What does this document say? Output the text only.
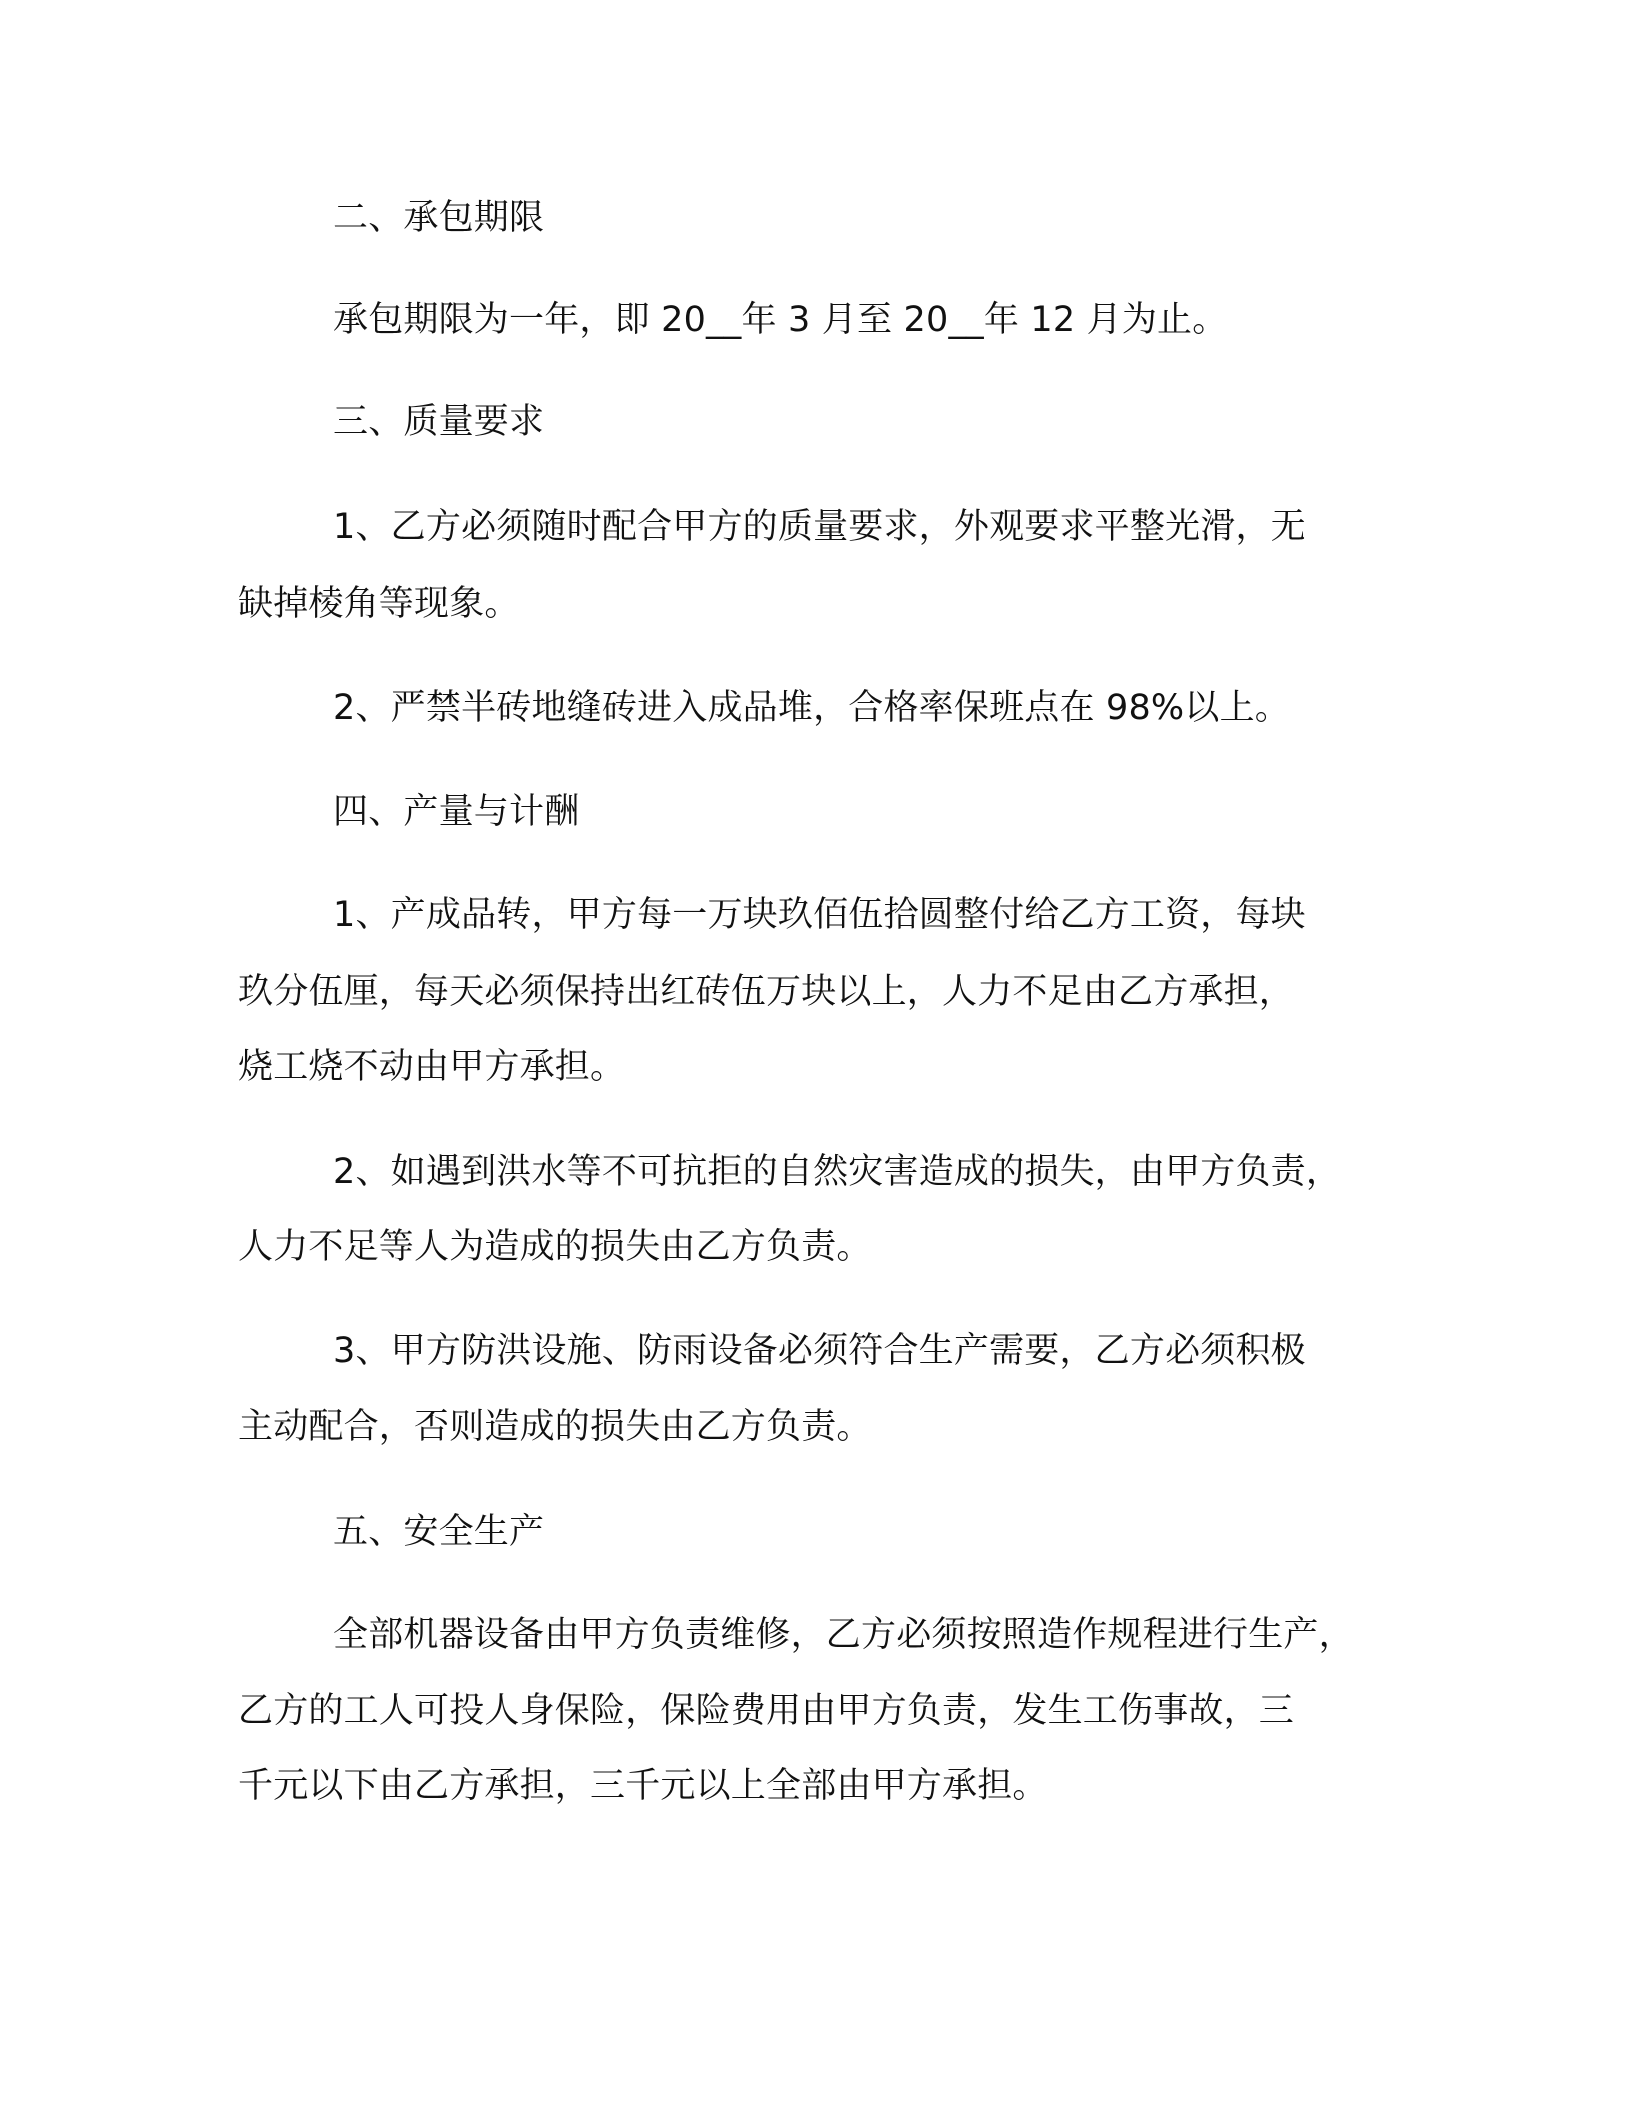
二、承包期限
承包期限为一年，即 20__年 3 月至 20__年 12 月为止。
三、质量要求
1、乙方必须随时配合甲方的质量要求，外观要求平整光滑，无
缺掉棱角等现象。
2、严禁半砖地缝砖进入成品堆，合格率保班点在 98%以上。
四、产量与计酬
1、产成品转，甲方每一万块玖佰伍拾圆整付给乙方工资，每块
玖分伍厘，每天必须保持出红砖伍万块以上，人力不足由乙方承担，
烧工烧不动由甲方承担。
2、如遇到洪水等不可抗拒的自然灾害造成的损失，由甲方负责，
人力不足等人为造成的损失由乙方负责。
3、甲方防洪设施、防雨设备必须符合生产需要，乙方必须积极
主动配合，否则造成的损失由乙方负责。
五、安全生产
全部机器设备由甲方负责维修，乙方必须按照造作规程进行生产，
乙方的工人可投人身保险，保险费用由甲方负责，发生工伤事故，三
千元以下由乙方承担，三千元以上全部由甲方承担。
